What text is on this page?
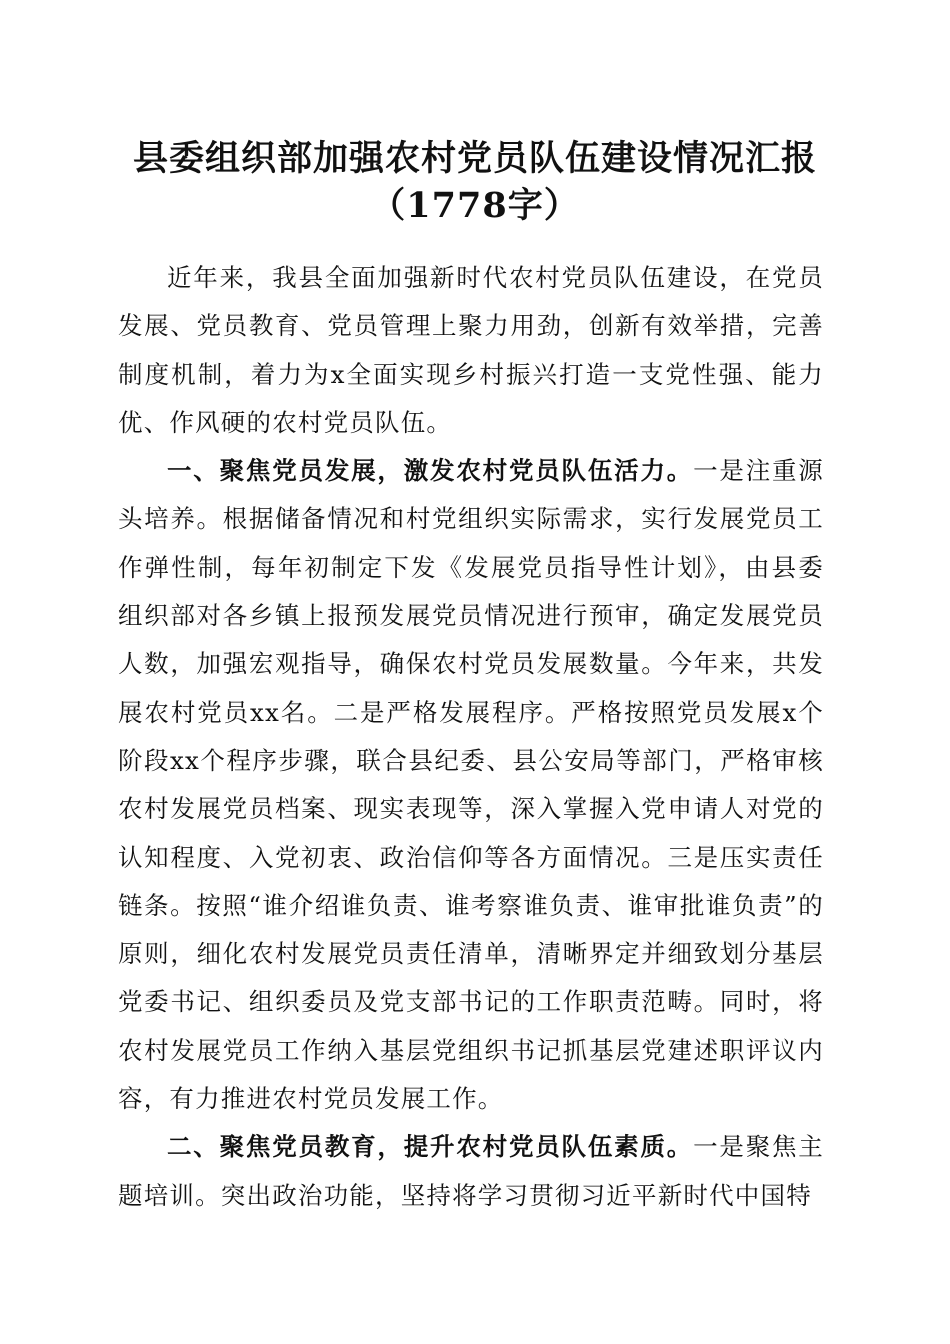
县委组织部加强农村党员队伍建设情况汇报
（1778字）

近年来，我县全面加强新时代农村党员队伍建设，在党员发展、党员教育、党员管理上聚力用劲，创新有效举措，完善制度机制，着力为x全面实现乡村振兴打造一支党性强、能力优、作风硬的农村党员队伍。

一、聚焦党员发展，激发农村党员队伍活力。一是注重源头培养。根据储备情况和村党组织实际需求，实行发展党员工作弹性制，每年初制定下发《发展党员指导性计划》，由县委组织部对各乡镇上报预发展党员情况进行预审，确定发展党员人数，加强宏观指导，确保农村党员发展数量。今年来，共发展农村党员xx名。二是严格发展程序。严格按照党员发展x个阶段xx个程序步骤，联合县纪委、县公安局等部门，严格审核农村发展党员档案、现实表现等，深入掌握入党申请人对党的认知程度、入党初衷、政治信仰等各方面情况。三是压实责任链条。按照“谁介绍谁负责、谁考察谁负责、谁审批谁负责”的原则，细化农村发展党员责任清单，清晰界定并细致划分基层党委书记、组织委员及党支部书记的工作职责范畴。同时，将农村发展党员工作纳入基层党组织书记抓基层党建述职评议内容，有力推进农村党员发展工作。

二、聚焦党员教育，提升农村党员队伍素质。一是聚焦主题培训。突出政治功能，坚持将学习贯彻习近平新时代中国特
